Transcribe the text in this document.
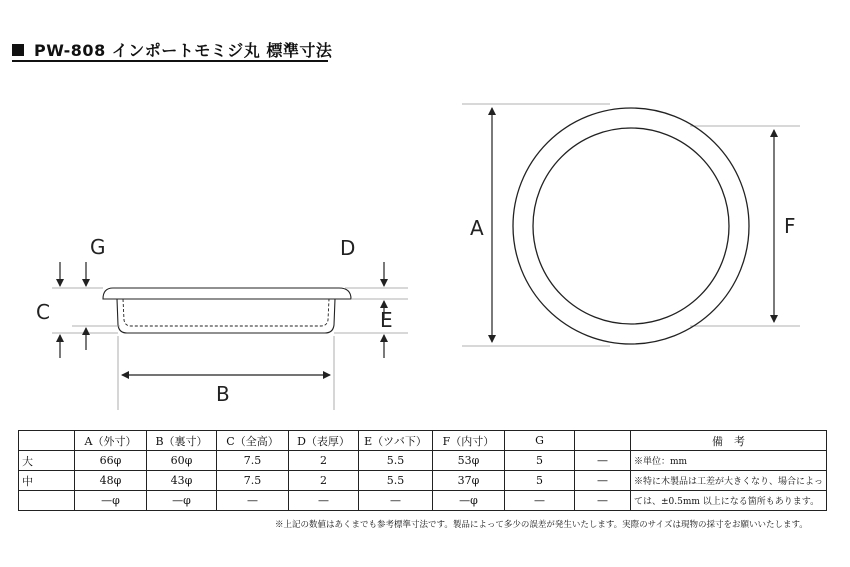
PW-808 インポートモミジ丸 標準寸法
G
C
D
E
B
A	F
	A（外寸）	B（裏寸）	C（全高）	D（表厚）	E（ツバ下）	F（内寸）	G		備　考
大	66φ	60φ	7.5	2	5.5	53φ	5	—	※単位：mm
中	48φ	43φ	7.5	2	5.5	37φ	5	—	※特に木製品は工差が大きくなり、場合によっ
	—φ	—φ	—	—	—	—φ	—	—	ては、±0.5mm 以上になる箇所もあります。
※上記の数値はあくまでも参考標準寸法です。製品によって多少の誤差が発生いたします。実際のサイズは現物の採寸をお願いいたします。
